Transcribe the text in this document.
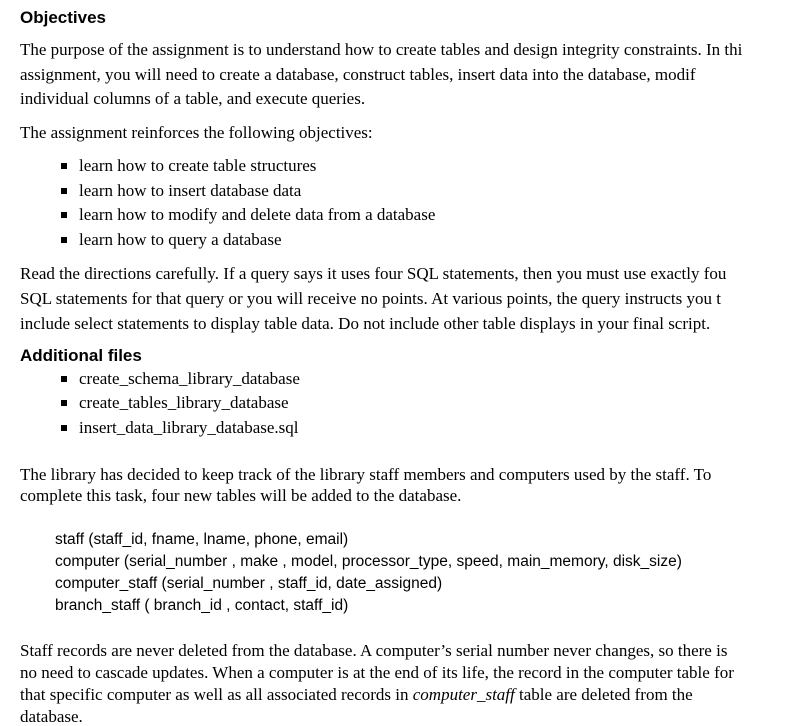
Objectives
The purpose of the assignment is to understand how to create tables and design integrity constraints. In thi
assignment, you will need to create a database, construct tables, insert data into the database, modif
individual columns of a table, and execute queries.
The assignment reinforces the following objectives:
learn how to create table structures
learn how to insert database data
learn how to modify and delete data from a database
learn how to query a database
Read the directions carefully. If a query says it uses four SQL statements, then you must use exactly fou
SQL statements for that query or you will receive no points. At various points, the query instructs you t
include select statements to display table data. Do not include other table displays in your final script.
Additional files
create_schema_library_database
create_tables_library_database
insert_data_library_database.sql
The library has decided to keep track of the library staff members and computers used by the staff. To
complete this task, four new tables will be added to the database.
staff (staff_id, fname, lname, phone, email)
computer (serial_number , make , model, processor_type, speed, main_memory, disk_size)
computer_staff (serial_number , staff_id, date_assigned)
branch_staff ( branch_id , contact, staff_id)
Staff records are never deleted from the database. A computer’s serial number never changes, so there is
no need to cascade updates. When a computer is at the end of its life, the record in the computer table for
that specific computer as well as all associated records in computer_staff table are deleted from the
database.
